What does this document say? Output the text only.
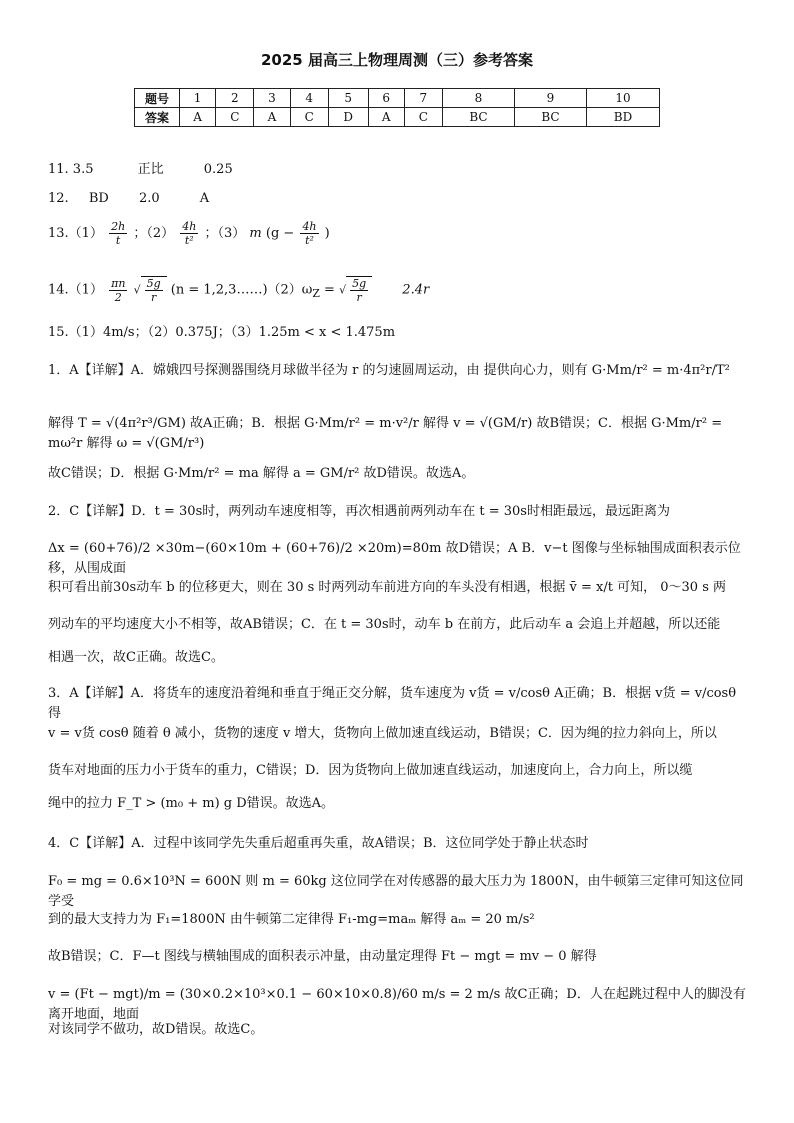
2025 届高三上物理周测（三）参考答案
题号	1	2	3	4	5	6	7	8	9	10
答案	A	C	A	C	D	A	C	BC	BC	BD
11. 3.5	正比	0.25
12. BD 2.0	A
$13.(1) \frac{2h}{t}$ ；$(2) \frac{4h}{\text{t²}}$ ；（3） m ($g - \frac{4h}{\text{t²}}$ )
$14.(1) \frac{\pi n}{2}$ √ $\frac{5g}{r} (n$ = $1,2,3\dots\dots)(2)\omega_Z$ = √ $\frac{5g}{r}$	2.4r
15.（1）4m/s；（2）0.375J；（3）1.25m < x < 1.475m
1．A【详解】A．嫦娥四号探测器围绕月球做半径为 r 的匀速圆周运动，由 提供向心力，则有 G·Mm/r² = m·4π²r/T²
解得 T = √(4π²r³/GM) 故A正确；B．根据 G·Mm/r² = m·v²/r 解得 v = √(GM/r) 故B错误；C．根据 G·Mm/r² = mω²r 解得 ω = √(GM/r³)
故C错误；D．根据 G·Mm/r² = ma 解得 a = GM/r² 故D错误。故选A。
2．C【详解】D．t = 30s时，两列动车速度相等，再次相遇前两列动车在 t = 30s时相距最远，最远距离为
Δx = (60+76)/2 ×30m−(60×10m + (60+76)/2 ×20m)=80m 故D错误；A B．v−t 图像与坐标轴围成面积表示位移，从围成面
积可看出前30s动车 b 的位移更大，则在 30 s 时两列动车前进方向的车头没有相遇，根据 v̄ = x/t 可知， 0～30 s 两
列动车的平均速度大小不相等，故AB错误；C．在 t = 30s时，动车 b 在前方，此后动车 a 会追上并超越，所以还能
相遇一次，故C正确。故选C。
3．A【详解】A．将货车的速度沿着绳和垂直于绳正交分解，货车速度为 v货 = v/cosθ A正确；B．根据 v货 = v/cosθ 得
v = v货 cosθ 随着 θ 减小，货物的速度 v 增大，货物向上做加速直线运动，B错误；C．因为绳的拉力斜向上，所以
货车对地面的压力小于货车的重力，C错误；D．因为货物向上做加速直线运动，加速度向上，合力向上，所以缆
绳中的拉力 F_T > (m₀ + m) g D错误。故选A。
4．C【详解】A．过程中该同学先失重后超重再失重，故A错误；B．这位同学处于静止状态时
F₀ = mg = 0.6×10³N = 600N 则 m = 60kg 这位同学在对传感器的最大压力为 1800N，由牛顿第三定律可知这位同学受
到的最大支持力为 F₁=1800N 由牛顿第二定律得 F₁-mg=maₘ 解得 aₘ = 20 m/s²
故B错误；C．F—t 图线与横轴围成的面积表示冲量，由动量定理得 Ft − mgt = mv − 0 解得
v = (Ft − mgt)/m = (30×0.2×10³×0.1 − 60×10×0.8)/60 m/s = 2 m/s 故C正确；D．人在起跳过程中人的脚没有离开地面，地面
对该同学不做功，故D错误。故选C。
